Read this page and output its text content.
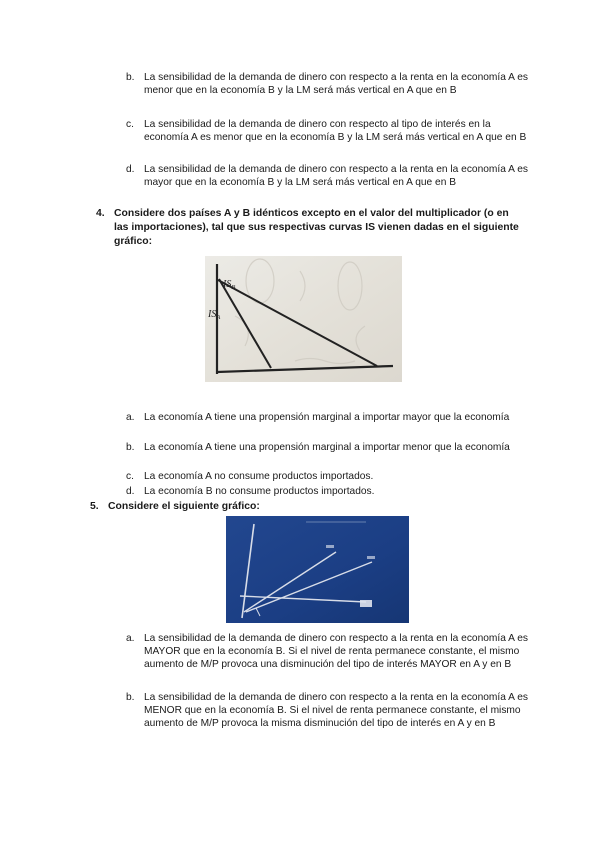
b. La sensibilidad de la demanda de dinero con respecto a la renta en la economía A es menor que en la economía B y la LM será más vertical en A que en B
c. La sensibilidad de la demanda de dinero con respecto al tipo de interés en la economía A es menor que en la economía B y la LM será más vertical en A que en B
d. La sensibilidad de la demanda de dinero con respecto a la renta en la economía A es mayor que en la economía B y la LM será más vertical en A que en B
4. Considere dos países A y B idénticos excepto en el valor del multiplicador (o en las importaciones), tal que sus respectivas curvas IS vienen dadas en el siguiente gráfico:
$IS_B$
$IS_A$
a. La economía A tiene una propensión marginal a importar mayor que la economía
b. La economía A tiene una propensión marginal a importar menor que la economía
c. La economía A no consume productos importados.
d. La economía B no consume productos importados.
5. Considere el siguiente gráfico:
a. La sensibilidad de la demanda de dinero con respecto a la renta en la economía A es MAYOR que en la economía B. Si el nivel de renta permanece constante, el mismo aumento de M/P provoca una disminución del tipo de interés MAYOR en A y en B
b. La sensibilidad de la demanda de dinero con respecto a la renta en la economía A es MENOR que en la economía B. Si el nivel de renta permanece constante, el mismo aumento de M/P provoca la misma disminución del tipo de interés en A y en B
